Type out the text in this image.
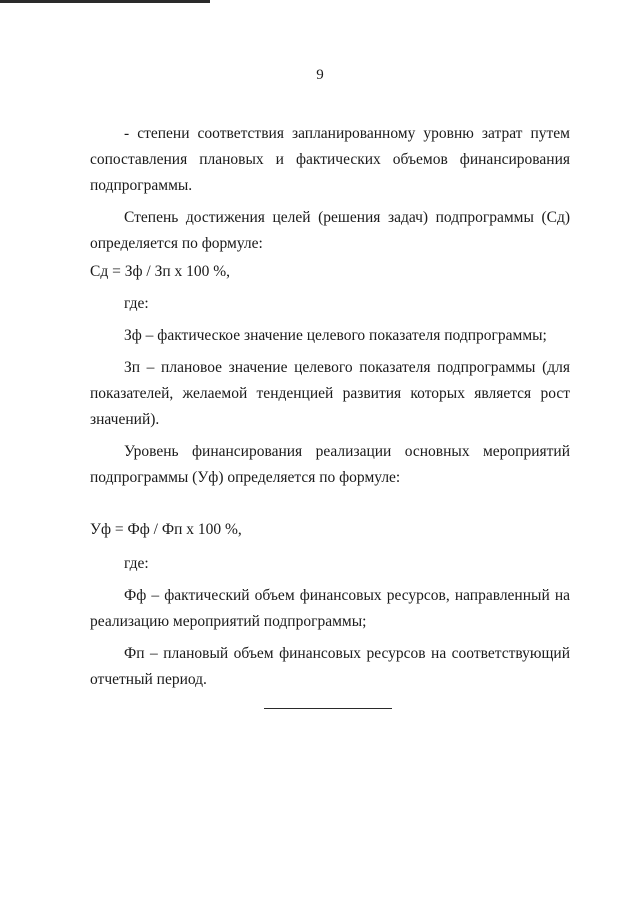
9

- степени соответствия запланированному уровню затрат путем сопоставления плановых и фактических объемов финансирования подпрограммы.

Степень достижения целей (решения задач) подпрограммы (Сд) определяется по формуле:

Сд = Зф / Зп х 100 %,

где:

Зф – фактическое значение целевого показателя подпрограммы;

Зп – плановое значение целевого показателя подпрограммы (для показателей, желаемой тенденцией развития которых является рост значений).

Уровень финансирования реализации основных мероприятий подпрограммы (Уф) определяется по формуле:

Уф = Фф / Фп х 100 %,

где:

Фф – фактический объем финансовых ресурсов, направленный на реализацию мероприятий подпрограммы;

Фп – плановый объем финансовых ресурсов на соответствующий отчетный период.
